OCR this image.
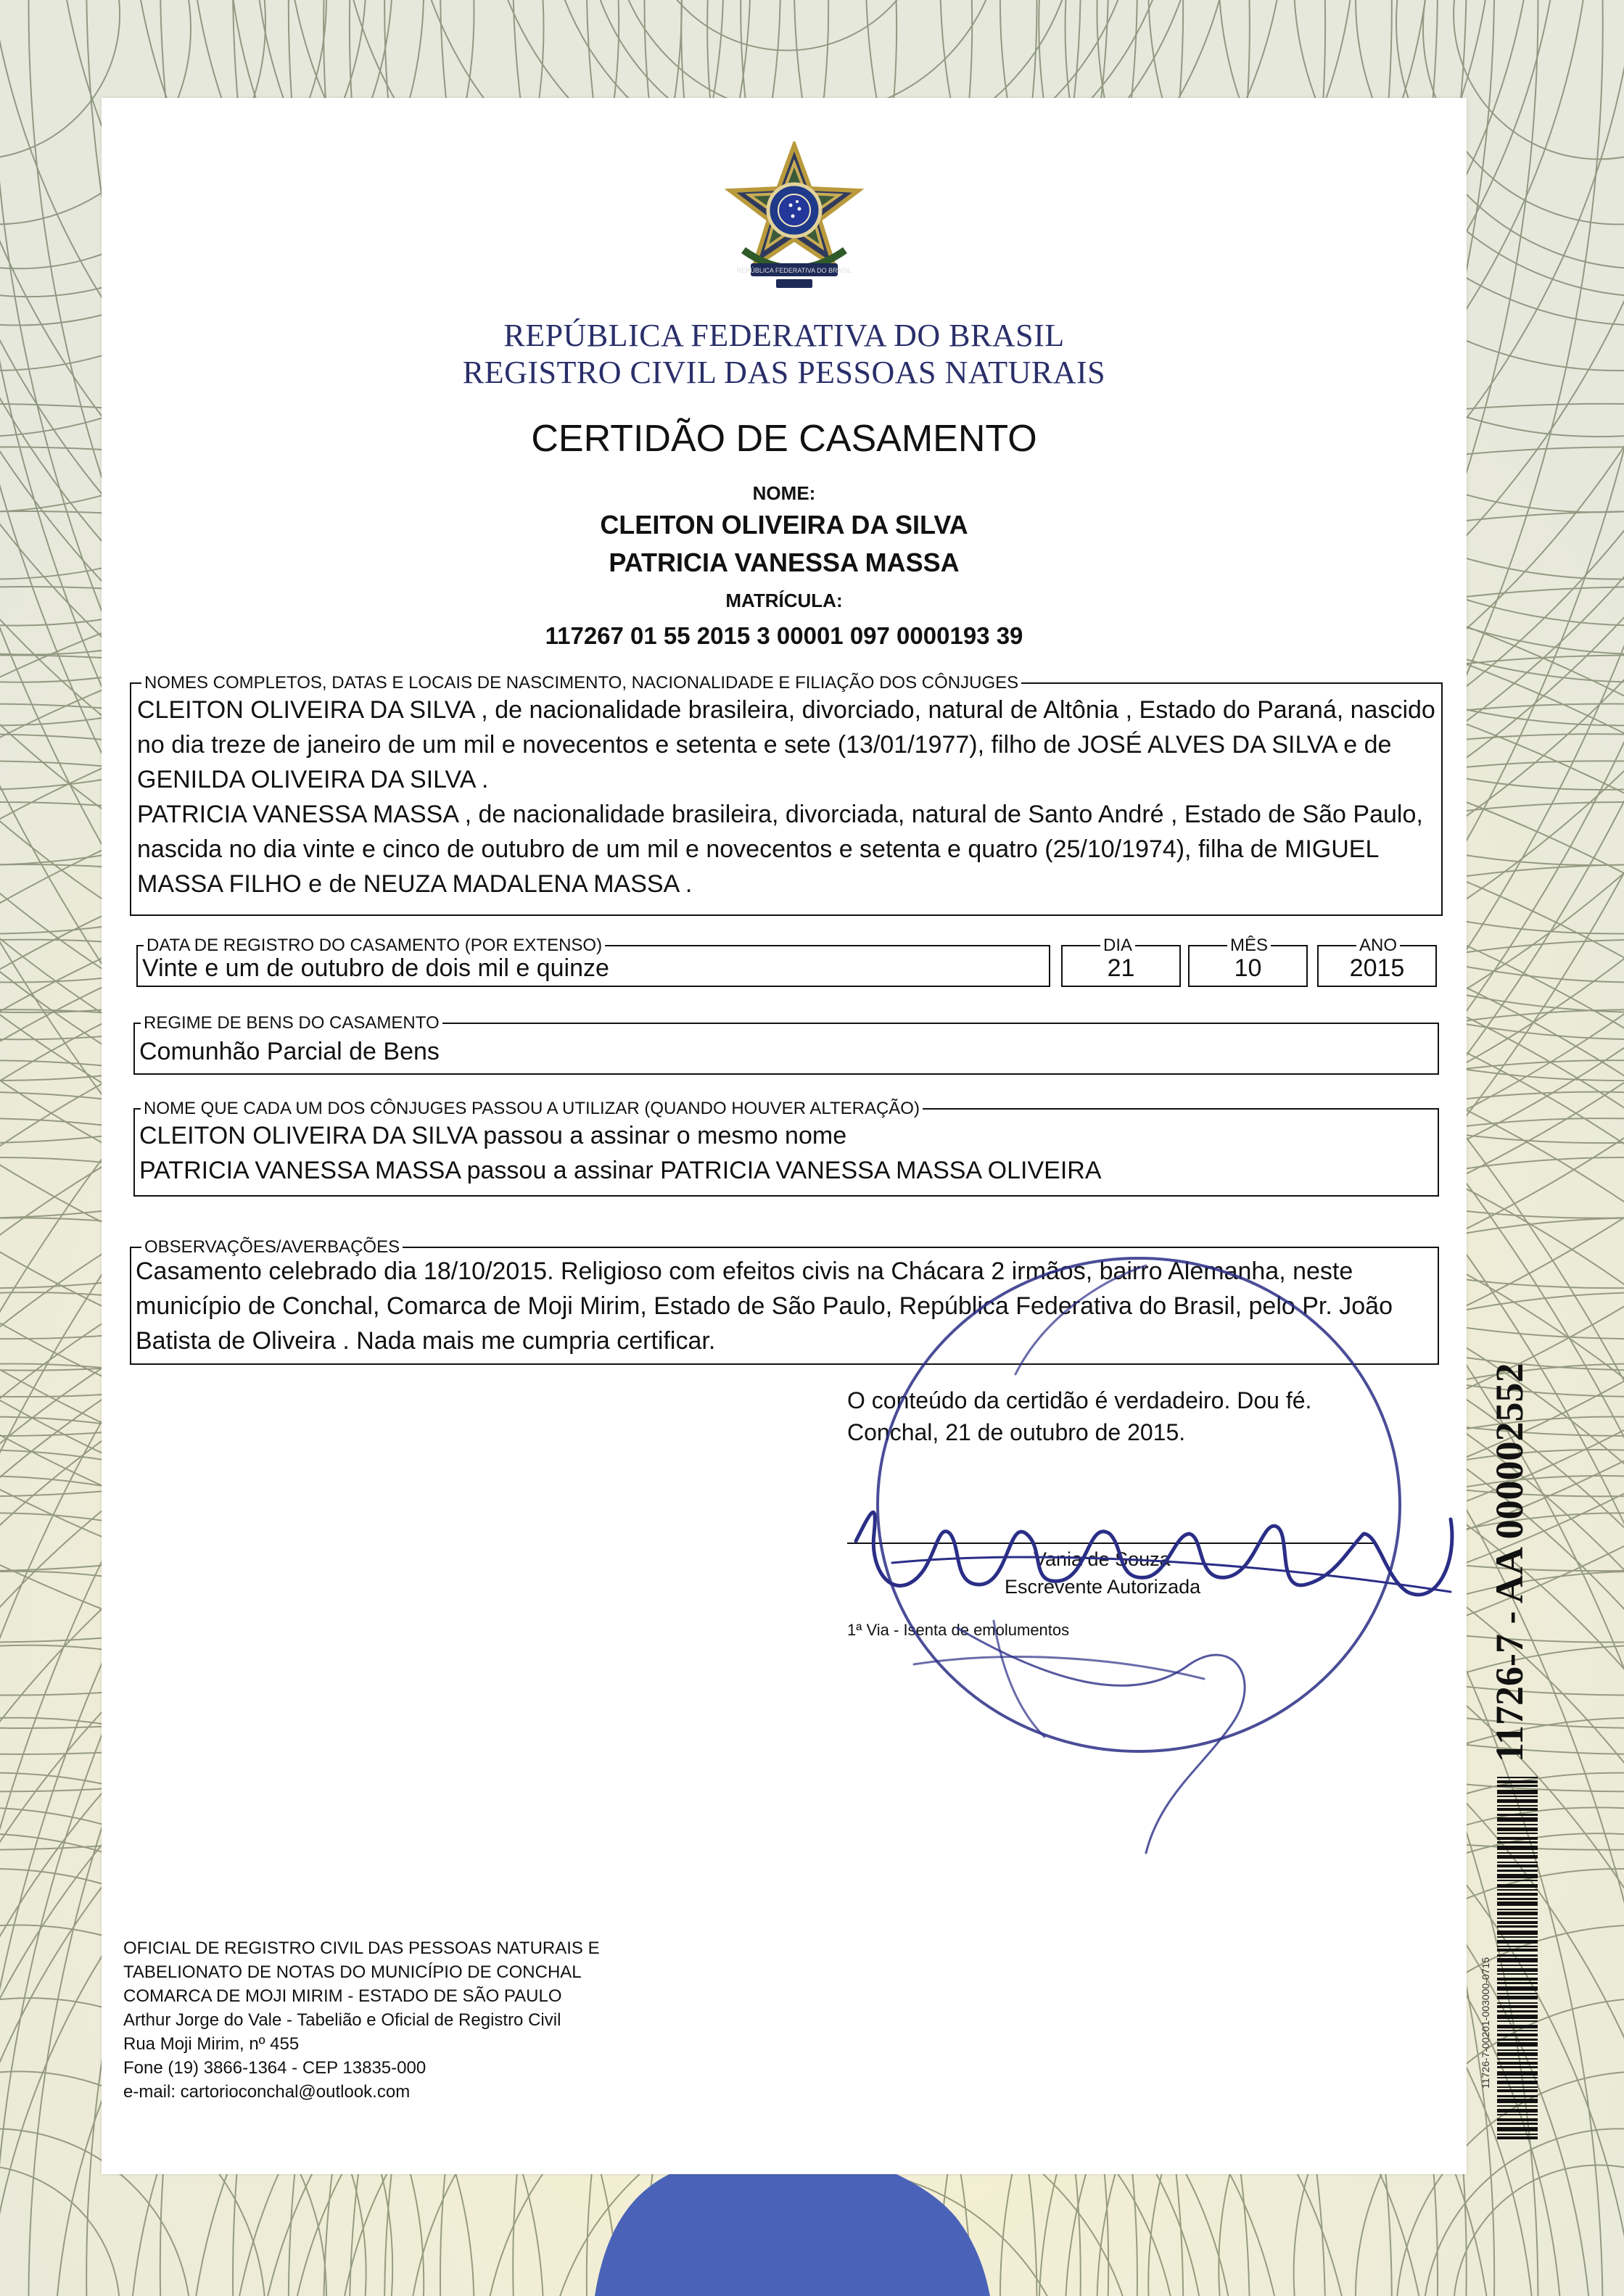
REPÚBLICA FEDERATIVA DO BRASIL
REPÚBLICA FEDERATIVA DO BRASIL
REGISTRO CIVIL DAS PESSOAS NATURAIS
CERTIDÃO DE CASAMENTO
NOME:
CLEITON OLIVEIRA DA SILVA
PATRICIA VANESSA MASSA
MATRÍCULA:
117267 01 55 2015 3 00001 097 0000193 39
NOMES COMPLETOS, DATAS E LOCAIS DE NASCIMENTO, NACIONALIDADE E FILIAÇÃO DOS CÔNJUGES
CLEITON OLIVEIRA DA SILVA , de nacionalidade brasileira, divorciado, natural de Altônia , Estado do Paraná, nascido
no dia treze de janeiro de um mil e novecentos e setenta e sete (13/01/1977), filho de JOSÉ ALVES DA SILVA e de
GENILDA OLIVEIRA DA SILVA .
PATRICIA VANESSA MASSA , de nacionalidade brasileira, divorciada, natural de Santo André , Estado de São Paulo,
nascida no dia vinte e cinco de outubro de um mil e novecentos e setenta e quatro (25/10/1974), filha de MIGUEL
MASSA FILHO e de NEUZA MADALENA MASSA .
DATA DE REGISTRO DO CASAMENTO (POR EXTENSO)
Vinte e um de outubro de dois mil e quinze
DIA
21
MÊS
10
ANO
2015
REGIME DE BENS DO CASAMENTO
Comunhão Parcial de Bens
NOME QUE CADA UM DOS CÔNJUGES PASSOU A UTILIZAR (QUANDO HOUVER ALTERAÇÃO)
CLEITON OLIVEIRA DA SILVA passou a assinar o mesmo nome
PATRICIA VANESSA MASSA passou a assinar PATRICIA VANESSA MASSA OLIVEIRA
OBSERVAÇÕES/AVERBAÇÕES
Casamento celebrado dia 18/10/2015. Religioso com efeitos civis na Chácara 2 irmãos, bairro Alemanha, neste
município de Conchal, Comarca de Moji Mirim, Estado de São Paulo, República Federativa do Brasil, pelo Pr. João
Batista de Oliveira . Nada mais me cumpria certificar.
O conteúdo da certidão é verdadeiro. Dou fé.
Conchal, 21 de outubro de 2015.
Vania de Souza
Escrevente Autorizada
1ª Via - Isenta de emolumentos
OFICIAL DE REGISTRO CIVIL DAS PESSOAS NATURAIS E
TABELIONATO DE NOTAS DO MUNICÍPIO DE CONCHAL
COMARCA DE MOJI MIRIM - ESTADO DE SÃO PAULO
Arthur Jorge do Vale - Tabelião e Oficial de Registro Civil
Rua Moji Mirim, nº 455
Fone (19) 3866-1364 - CEP 13835-000
e-mail: cartorioconchal@outlook.com
11726-7 - AA 000002552
11726-7-00201-003000-0715
